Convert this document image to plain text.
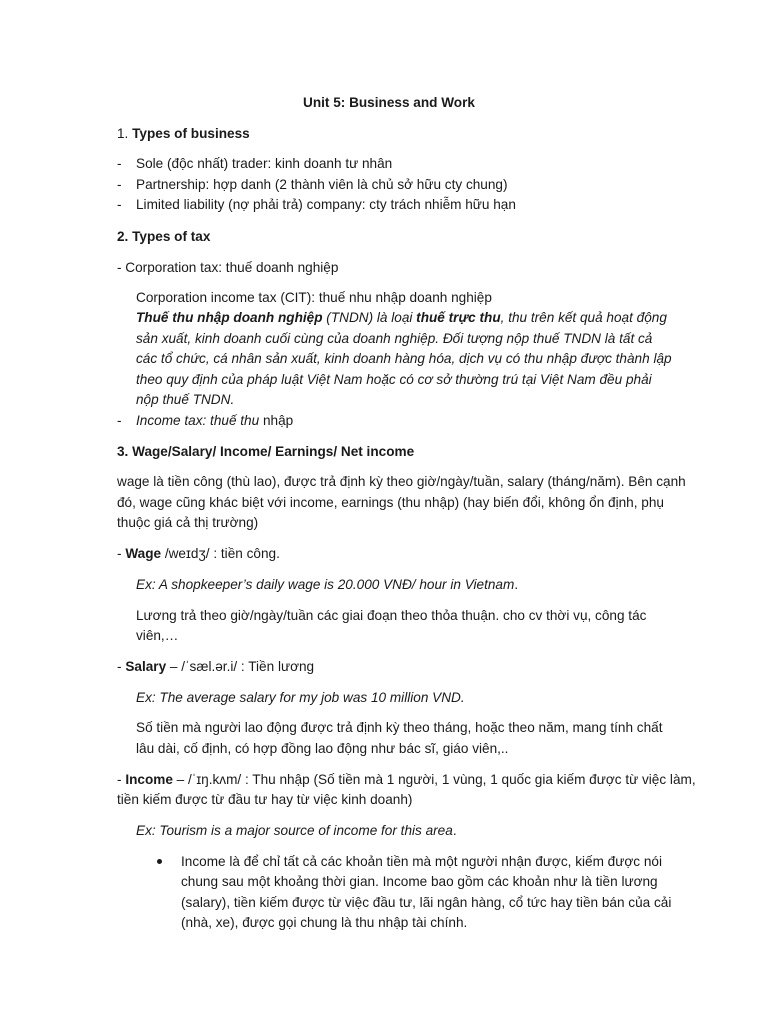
Unit 5: Business and Work
1. Types of business
- Sole (độc nhất) trader: kinh doanh tư nhân
- Partnership: hợp danh (2 thành viên là chủ sở hữu cty chung)
- Limited liability (nợ phải trả) company: cty trách nhiễm hữu hạn
2. Types of tax
- Corporation tax: thuế doanh nghiệp
Corporation income tax (CIT): thuế nhu nhập doanh nghiệp
Thuế thu nhập doanh nghiệp (TNDN) là loại thuế trực thu, thu trên kết quả hoạt động
sản xuất, kinh doanh cuối cùng của doanh nghiệp. Đối tượng nộp thuế TNDN là tất cả
các tổ chức, cá nhân sản xuất, kinh doanh hàng hóa, dịch vụ có thu nhập được thành lập
theo quy định của pháp luật Việt Nam hoặc có cơ sở thường trú tại Việt Nam đều phải
nộp thuế TNDN.
- Income tax: thuế thu nhập
3. Wage/Salary/ Income/ Earnings/ Net income
wage là tiền công (thù lao), được trả định kỳ theo giờ/ngày/tuần, salary (tháng/năm). Bên cạnh
đó, wage cũng khác biệt với income, earnings (thu nhập) (hay biến đổi, không ổn định, phụ
thuộc giá cả thị trường)
- Wage /weɪdʒ/ : tiền công.
Ex: A shopkeeper’s daily wage is 20.000 VNĐ/ hour in Vietnam.
Lương trả theo giờ/ngày/tuần các giai đoạn theo thỏa thuận. cho cv thời vụ, công tác
viên,…
- Salary – /ˈsæl.ər.i/ : Tiền lương
Ex: The average salary for my job was 10 million VND.
Số tiền mà người lao động được trả định kỳ theo tháng, hoặc theo năm, mang tính chất
lâu dài, cố định, có hợp đồng lao động như bác sĩ, giáo viên,..
- Income – /ˈɪŋ.kʌm/ : Thu nhập (Số tiền mà 1 người, 1 vùng, 1 quốc gia kiếm được từ việc làm,
tiền kiếm được từ đầu tư hay từ việc kinh doanh)
Ex: Tourism is a major source of income for this area.
Income là để chỉ tất cả các khoản tiền mà một người nhận được, kiếm được nói
chung sau một khoảng thời gian. Income bao gồm các khoản như là tiền lương
(salary), tiền kiếm được từ việc đầu tư, lãi ngân hàng, cổ tức hay tiền bán của cải
(nhà, xe), được gọi chung là thu nhập tài chính.
